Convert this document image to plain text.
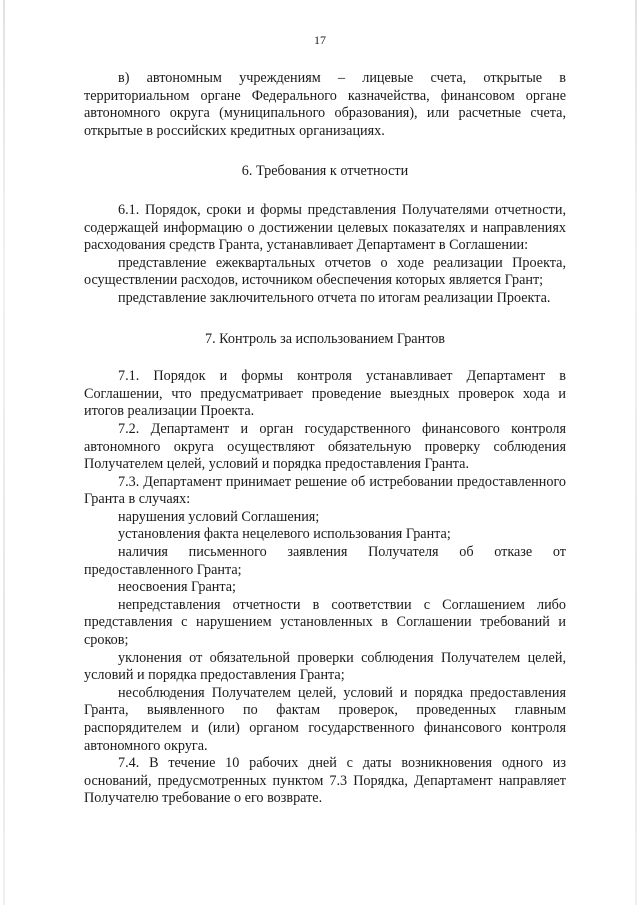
17

в) автономным учреждениям – лицевые счета, открытые в территориальном органе Федерального казначейства, финансовом органе автономного округа (муниципального образования), или расчетные счета, открытые в российских кредитных организациях.

6. Требования к отчетности

6.1. Порядок, сроки и формы представления Получателями отчетности, содержащей информацию о достижении целевых показателях и направлениях расходования средств Гранта, устанавливает Департамент в Соглашении:

представление ежеквартальных отчетов о ходе реализации Проекта, осуществлении расходов, источником обеспечения которых является Грант;

представление заключительного отчета по итогам реализации Проекта.

7. Контроль за использованием Грантов

7.1. Порядок и формы контроля устанавливает Департамент в Соглашении, что предусматривает проведение выездных проверок хода и итогов реализации Проекта.

7.2. Департамент и орган государственного финансового контроля автономного округа осуществляют обязательную проверку соблюдения Получателем целей, условий и порядка предоставления Гранта.

7.3. Департамент принимает решение об истребовании предоставленного Гранта в случаях:

нарушения условий Соглашения;

установления факта нецелевого использования Гранта;

наличия письменного заявления Получателя об отказе от предоставленного Гранта;

неосвоения Гранта;

непредставления отчетности в соответствии с Соглашением либо представления с нарушением установленных в Соглашении требований и сроков;

уклонения от обязательной проверки соблюдения Получателем целей, условий и порядка предоставления Гранта;

несоблюдения Получателем целей, условий и порядка предоставления Гранта, выявленного по фактам проверок, проведенных главным распорядителем и (или) органом государственного финансового контроля автономного округа.

7.4. В течение 10 рабочих дней с даты возникновения одного из оснований, предусмотренных пунктом 7.3 Порядка, Департамент направляет Получателю требование о его возврате.
